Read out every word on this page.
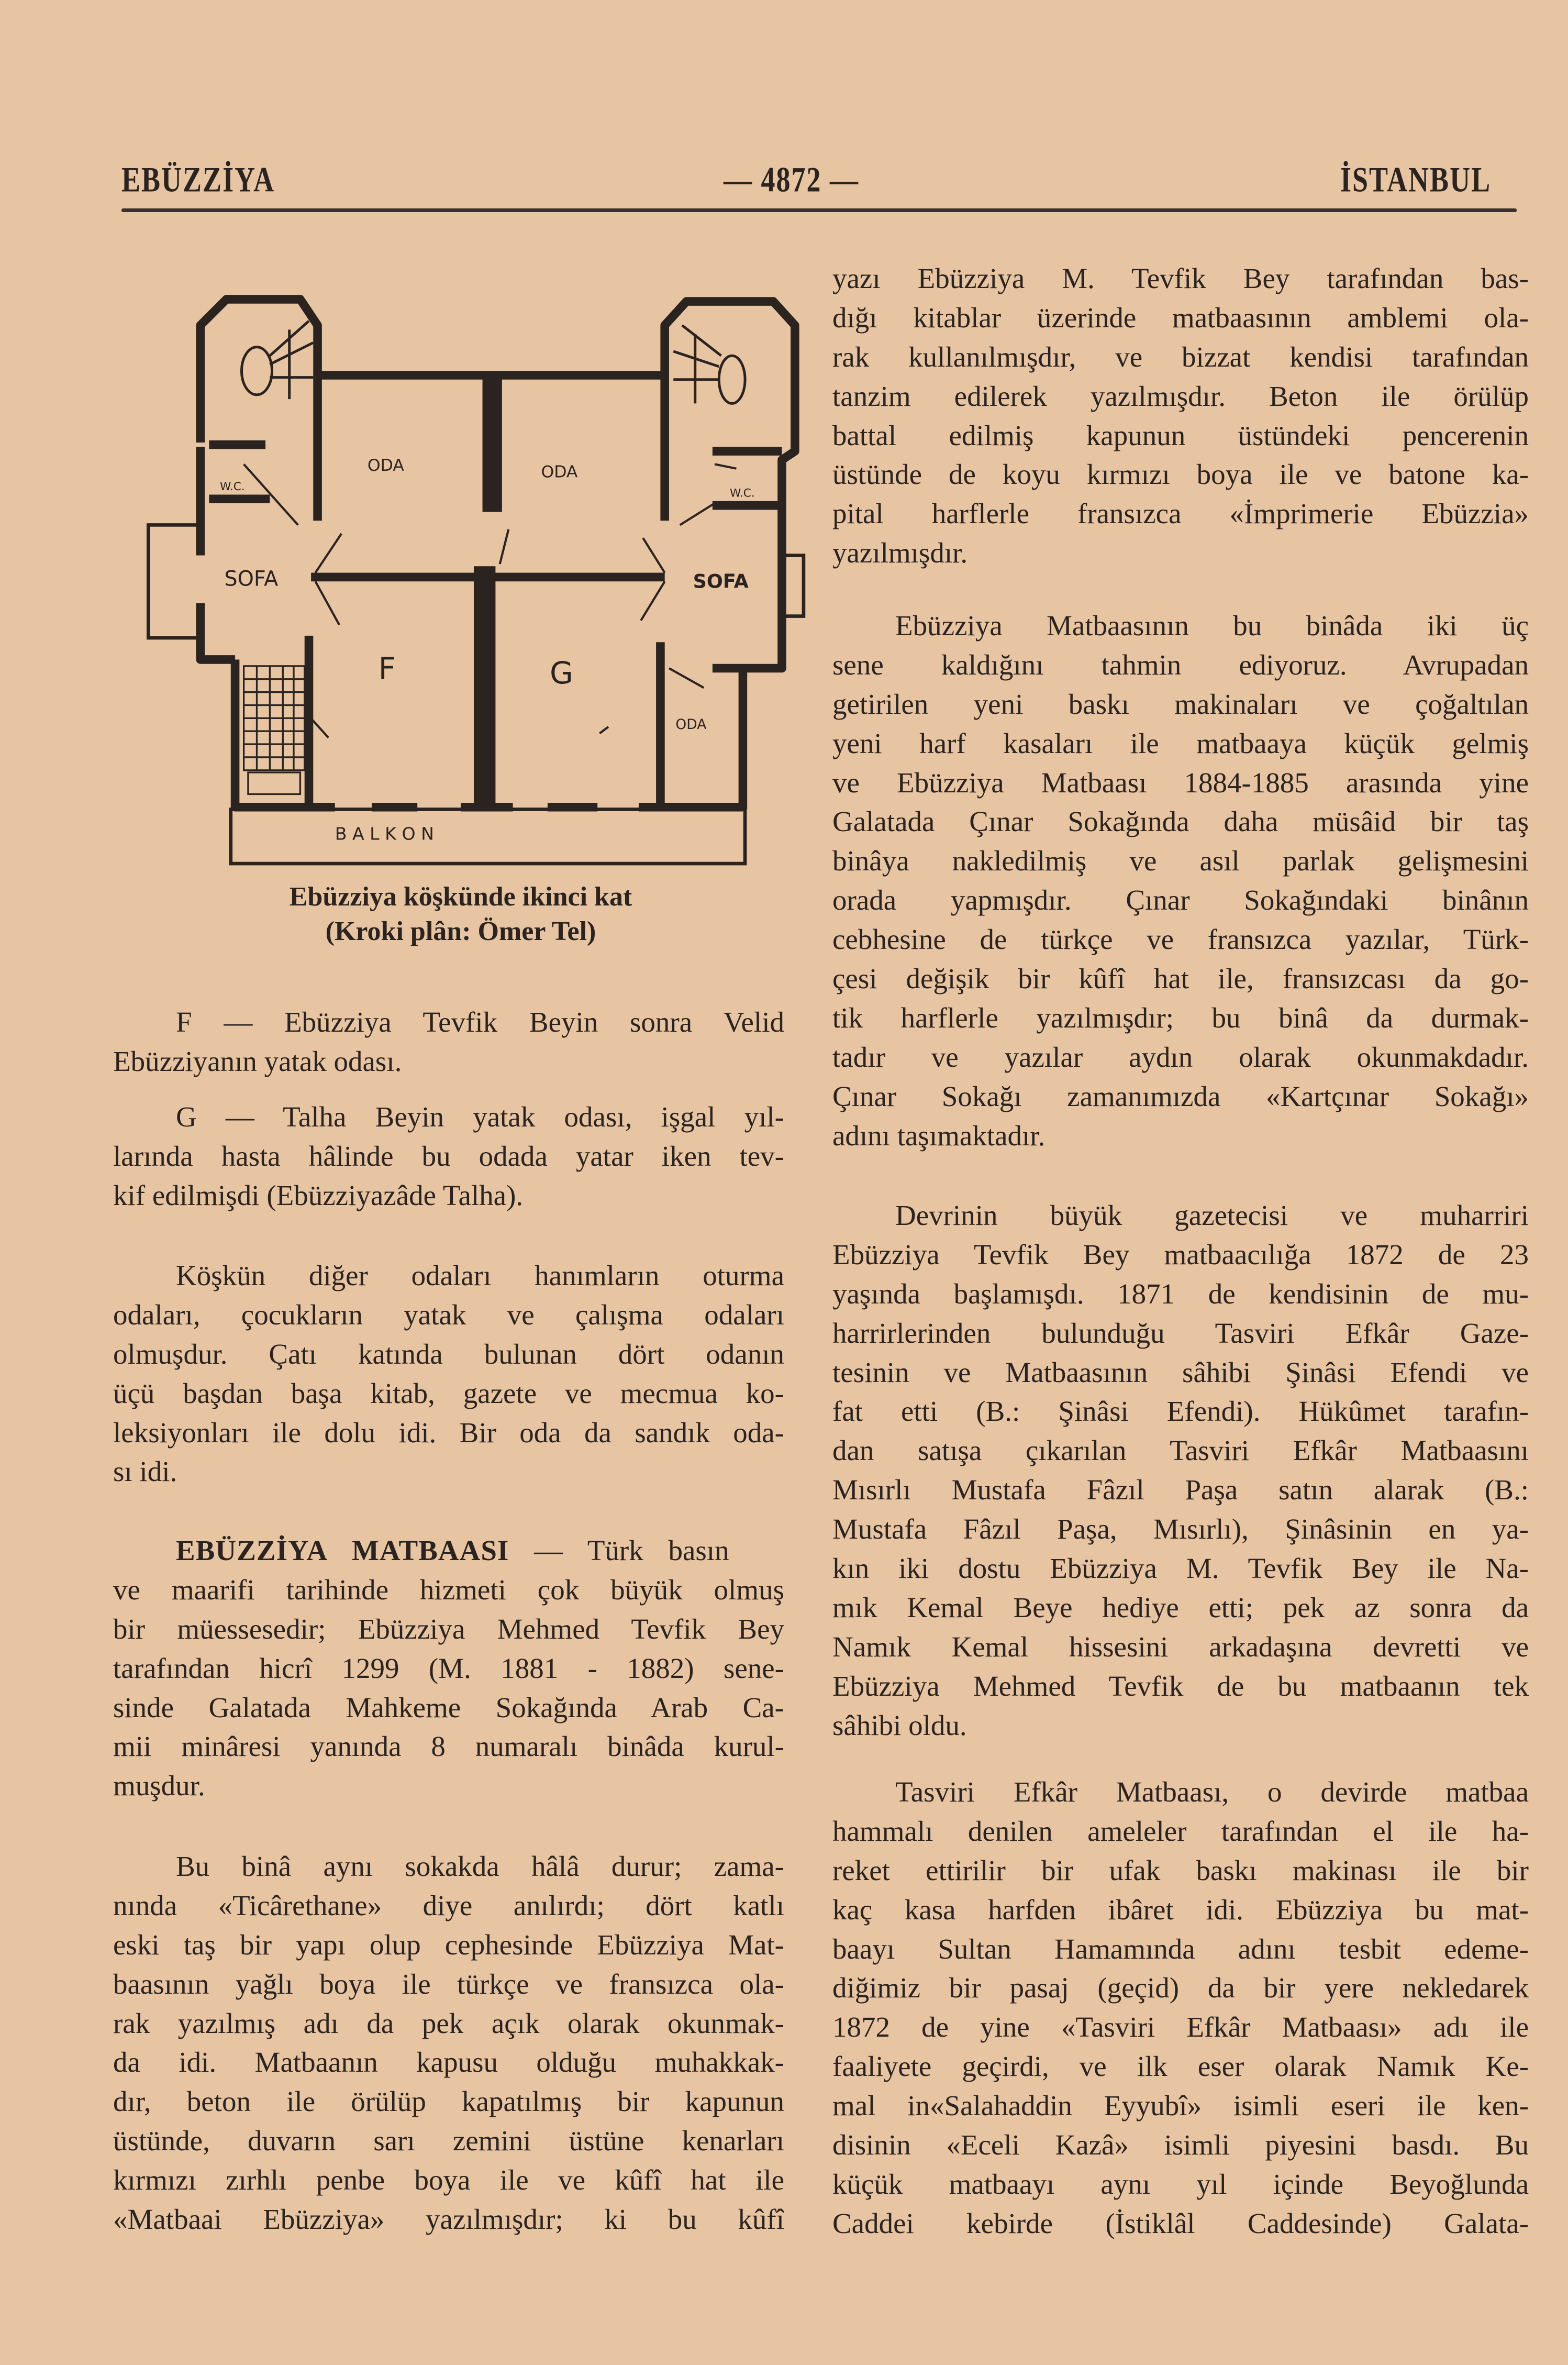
EBÜZZİYA	— 4872 —	İSTANBUL
ODA	ODA
ODA
SOFA	SOFA
W.C.	W.C.
F	G
B A L K O N
Ebüzziya köşkünde ikinci kat
(Kroki plân: Ömer Tel)
F — Ebüzziya Tevfik Beyin sonra Velid
Ebüzziyanın yatak odası.
G — Talha Beyin yatak odası, işgal yıl-
larında hasta hâlinde bu odada yatar iken tev-
kif edilmişdi (Ebüzziyazâde Talha).
Köşkün diğer odaları hanımların oturma
odaları, çocukların yatak ve çalışma odaları
olmuşdur. Çatı katında bulunan dört odanın
üçü başdan başa kitab, gazete ve mecmua ko-
leksiyonları ile dolu idi. Bir oda da sandık oda-
sı idi.
EBÜZZİYA MATBAASI — Türk basın
ve maarifi tarihinde hizmeti çok büyük olmuş
bir müessesedir; Ebüzziya Mehmed Tevfik Bey
tarafından hicrî 1299 (M. 1881 - 1882) sene-
sinde Galatada Mahkeme Sokağında Arab Ca-
mii minâresi yanında 8 numaralı binâda kurul-
muşdur.
Bu binâ aynı sokakda hâlâ durur; zama-
nında «Ticârethane» diye anılırdı; dört katlı
eski taş bir yapı olup cephesinde Ebüzziya Mat-
baasının yağlı boya ile türkçe ve fransızca ola-
rak yazılmış adı da pek açık olarak okunmak-
da idi. Matbaanın kapusu olduğu muhakkak-
dır, beton ile örülüp kapatılmış bir kapunun
üstünde, duvarın sarı zemini üstüne kenarları
kırmızı zırhlı penbe boya ile ve kûfî hat ile
«Matbaai Ebüzziya» yazılmışdır; ki bu kûfî
yazı Ebüzziya M. Tevfik Bey tarafından bas-
dığı kitablar üzerinde matbaasının amblemi ola-
rak kullanılmışdır, ve bizzat kendisi tarafından
tanzim edilerek yazılmışdır. Beton ile örülüp
battal edilmiş kapunun üstündeki pencerenin
üstünde de koyu kırmızı boya ile ve batone ka-
pital harflerle fransızca «İmprimerie Ebüzzia»
yazılmışdır.
Ebüzziya Matbaasının bu binâda iki üç
sene kaldığını tahmin ediyoruz. Avrupadan
getirilen yeni baskı makinaları ve çoğaltılan
yeni harf kasaları ile matbaaya küçük gelmiş
ve Ebüzziya Matbaası 1884-1885 arasında yine
Galatada Çınar Sokağında daha müsâid bir taş
binâya nakledilmiş ve asıl parlak gelişmesini
orada yapmışdır. Çınar Sokağındaki binânın
cebhesine de türkçe ve fransızca yazılar, Türk-
çesi değişik bir kûfî hat ile, fransızcası da go-
tik harflerle yazılmışdır; bu binâ da durmak-
tadır ve yazılar aydın olarak okunmakdadır.
Çınar Sokağı zamanımızda «Kartçınar Sokağı»
adını taşımaktadır.
Devrinin büyük gazetecisi ve muharriri
Ebüzziya Tevfik Bey matbaacılığa 1872 de 23
yaşında başlamışdı. 1871 de kendisinin de mu-
harrirlerinden bulunduğu Tasviri Efkâr Gaze-
tesinin ve Matbaasının sâhibi Şinâsi Efendi ve
fat etti (B.: Şinâsi Efendi). Hükûmet tarafın-
dan satışa çıkarılan Tasviri Efkâr Matbaasını
Mısırlı Mustafa Fâzıl Paşa satın alarak (B.:
Mustafa Fâzıl Paşa, Mısırlı), Şinâsinin en ya-
kın iki dostu Ebüzziya M. Tevfik Bey ile Na-
mık Kemal Beye hediye etti; pek az sonra da
Namık Kemal hissesini arkadaşına devretti ve
Ebüzziya Mehmed Tevfik de bu matbaanın tek
sâhibi oldu.
Tasviri Efkâr Matbaası, o devirde matbaa
hammalı denilen ameleler tarafından el ile ha-
reket ettirilir bir ufak baskı makinası ile bir
kaç kasa harfden ibâret idi. Ebüzziya bu mat-
baayı Sultan Hamamında adını tesbit edeme-
diğimiz bir pasaj (geçid) da bir yere nekledarek
1872 de yine «Tasviri Efkâr Matbaası» adı ile
faaliyete geçirdi, ve ilk eser olarak Namık Ke-
mal in«Salahaddin Eyyubî» isimli eseri ile ken-
disinin «Eceli Kazâ» isimli piyesini basdı. Bu
küçük matbaayı aynı yıl içinde Beyoğlunda
Caddei kebirde (İstiklâl Caddesinde) Galata-
